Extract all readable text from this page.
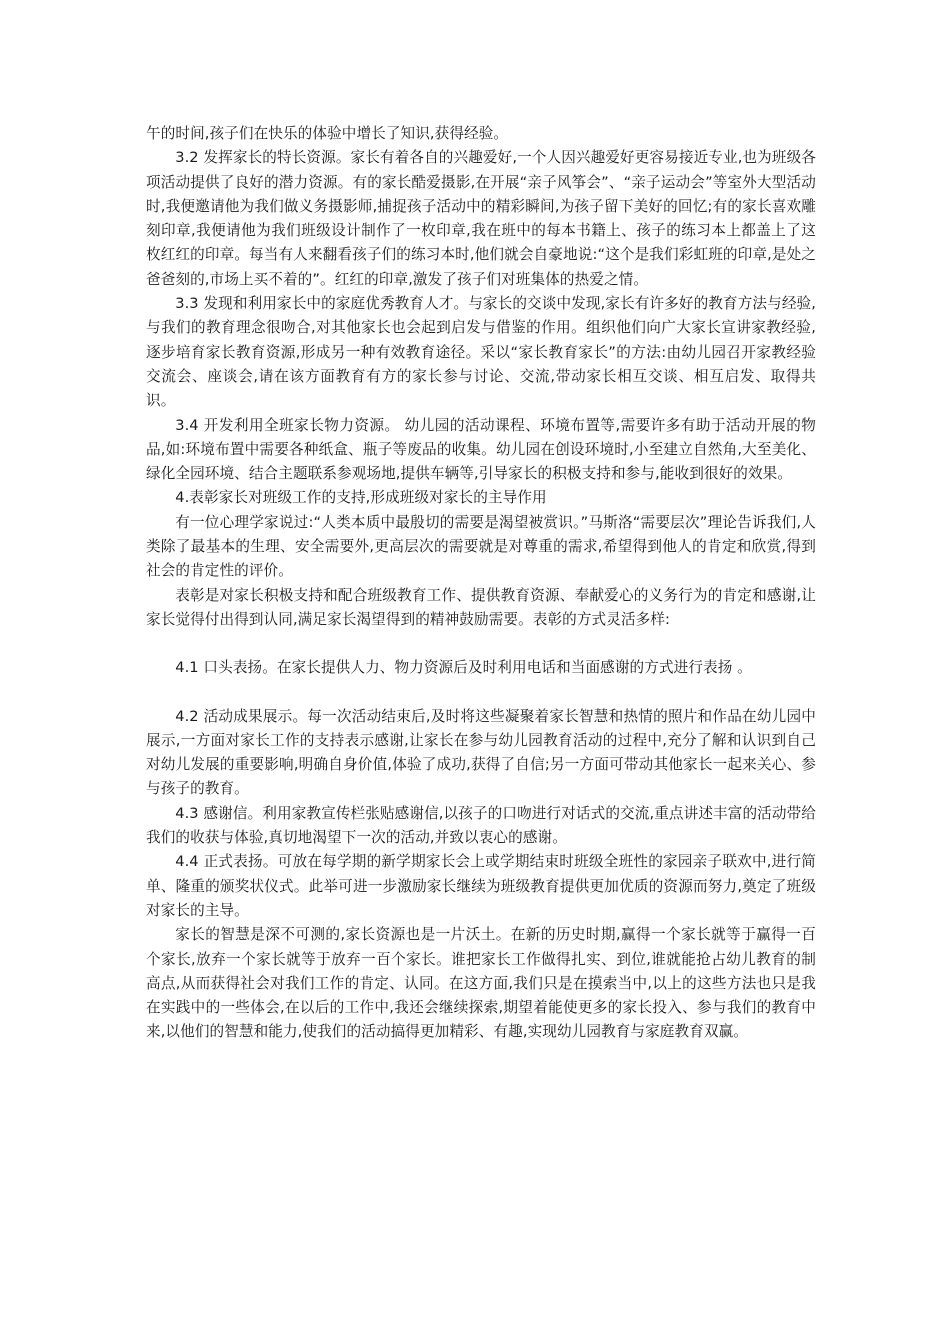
午的时间,孩子们在快乐的体验中增长了知识,获得经验。

3.2 发挥家长的特长资源。家长有着各自的兴趣爱好,一个人因兴趣爱好更容易接近专业,也为班级各项活动提供了良好的潜力资源。有的家长酷爱摄影,在开展“亲子风筝会”、“亲子运动会”等室外大型活动时,我便邀请他为我们做义务摄影师,捕捉孩子活动中的精彩瞬间,为孩子留下美好的回忆;有的家长喜欢雕刻印章,我便请他为我们班级设计制作了一枚印章,我在班中的每本书籍上、孩子的练习本上都盖上了这枚红红的印章。每当有人来翻看孩子们的练习本时,他们就会自豪地说:“这个是我们彩虹班的印章,是处之爸爸刻的,市场上买不着的”。红红的印章,激发了孩子们对班集体的热爱之情。

3.3 发现和利用家长中的家庭优秀教育人才。与家长的交谈中发现,家长有许多好的教育方法与经验,与我们的教育理念很吻合,对其他家长也会起到启发与借鉴的作用。组织他们向广大家长宣讲家教经验,逐步培育家长教育资源,形成另一种有效教育途径。采以“家长教育家长”的方法:由幼儿园召开家教经验交流会、座谈会,请在该方面教育有方的家长参与讨论、交流,带动家长相互交谈、相互启发、取得共识。

3.4 开发利用全班家长物力资源。 幼儿园的活动课程、环境布置等,需要许多有助于活动开展的物品,如:环境布置中需要各种纸盒、瓶子等废品的收集。幼儿园在创设环境时,小至建立自然角,大至美化、绿化全园环境、结合主题联系参观场地,提供车辆等,引导家长的积极支持和参与,能收到很好的效果。

4.表彰家长对班级工作的支持,形成班级对家长的主导作用

有一位心理学家说过:“人类本质中最殷切的需要是渴望被赏识。”马斯洛“需要层次”理论告诉我们,人类除了最基本的生理、安全需要外,更高层次的需要就是对尊重的需求,希望得到他人的肯定和欣赏,得到社会的肯定性的评价。

表彰是对家长积极支持和配合班级教育工作、提供教育资源、奉献爱心的义务行为的肯定和感谢,让家长觉得付出得到认同,满足家长渴望得到的精神鼓励需要。表彰的方式灵活多样:

4.1 口头表扬。在家长提供人力、物力资源后及时利用电话和当面感谢的方式进行表扬 。

4.2 活动成果展示。每一次活动结束后,及时将这些凝聚着家长智慧和热情的照片和作品在幼儿园中展示,一方面对家长工作的支持表示感谢,让家长在参与幼儿园教育活动的过程中,充分了解和认识到自己对幼儿发展的重要影响,明确自身价值,体验了成功,获得了自信;另一方面可带动其他家长一起来关心、参与孩子的教育。

4.3 感谢信。利用家教宣传栏张贴感谢信,以孩子的口吻进行对话式的交流,重点讲述丰富的活动带给我们的收获与体验,真切地渴望下一次的活动,并致以衷心的感谢。

4.4 正式表扬。可放在每学期的新学期家长会上或学期结束时班级全班性的家园亲子联欢中,进行简单、隆重的颁奖状仪式。此举可进一步激励家长继续为班级教育提供更加优质的资源而努力,奠定了班级对家长的主导。

家长的智慧是深不可测的,家长资源也是一片沃土。在新的历史时期,赢得一个家长就等于赢得一百个家长,放弃一个家长就等于放弃一百个家长。谁把家长工作做得扎实、到位,谁就能抢占幼儿教育的制高点,从而获得社会对我们工作的肯定、认同。在这方面,我们只是在摸索当中,以上的这些方法也只是我在实践中的一些体会,在以后的工作中,我还会继续探索,期望着能使更多的家长投入、参与我们的教育中来,以他们的智慧和能力,使我们的活动搞得更加精彩、有趣,实现幼儿园教育与家庭教育双赢。
